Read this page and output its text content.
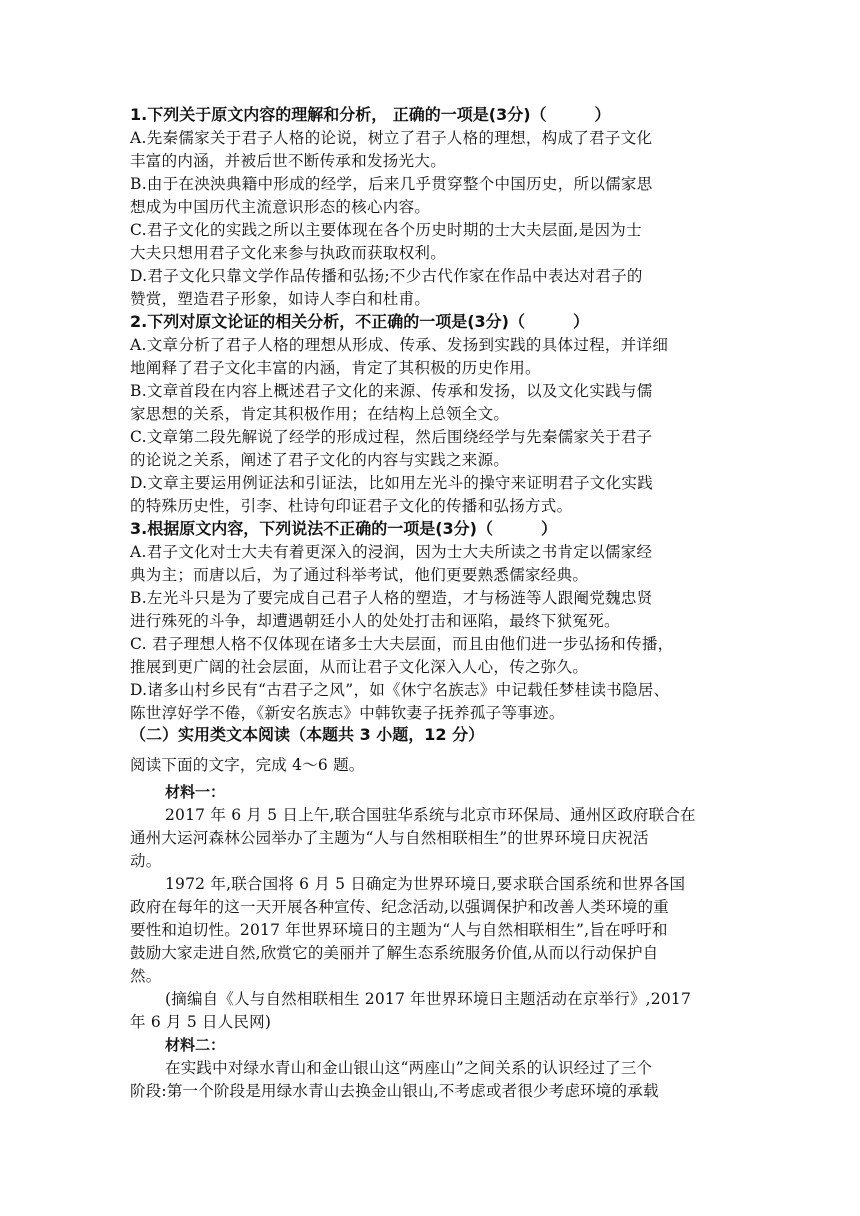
1.下列关于原文内容的理解和分析， 正确的一项是(3分)（　　　）
A.先秦儒家关于君子人格的论说，树立了君子人格的理想，构成了君子文化
丰富的内涵，并被后世不断传承和发扬光大。
B.由于在泱泱典籍中形成的经学，后来几乎贯穿整个中国历史，所以儒家思
想成为中国历代主流意识形态的核心内容。
C.君子文化的实践之所以主要体现在各个历史时期的士大夫层面,是因为士
大夫只想用君子文化来参与执政而获取权利。
D.君子文化只靠文学作品传播和弘扬;不少古代作家在作品中表达对君子的
赞赏，塑造君子形象，如诗人李白和杜甫。
2.下列对原文论证的相关分析，不正确的一项是(3分)（　　　）
A.文章分析了君子人格的理想从形成、传承、发扬到实践的具体过程，并详细
地阐释了君子文化丰富的内涵，肯定了其积极的历史作用。
B.文章首段在内容上概述君子文化的来源、传承和发扬，以及文化实践与儒
家思想的关系，肯定其积极作用；在结构上总领全文。
C.文章第二段先解说了经学的形成过程，然后围绕经学与先秦儒家关于君子
的论说之关系，阐述了君子文化的内容与实践之来源。
D.文章主要运用例证法和引证法，比如用左光斗的操守来证明君子文化实践
的特殊历史性，引李、杜诗句印证君子文化的传播和弘扬方式。
3.根据原文内容，下列说法不正确的一项是(3分)（　　　）
A.君子文化对士大夫有着更深入的浸润，因为士大夫所读之书肯定以儒家经
典为主；而唐以后，为了通过科举考试，他们更要熟悉儒家经典。
B.左光斗只是为了要完成自己君子人格的塑造，才与杨涟等人跟阉党魏忠贤
进行殊死的斗争，却遭遇朝廷小人的处处打击和诬陷，最终下狱冤死。
C. 君子理想人格不仅体现在诸多士大夫层面，而且由他们进一步弘扬和传播，
推展到更广阔的社会层面，从而让君子文化深入人心，传之弥久。
D.诸多山村乡民有“古君子之风”，如《休宁名族志》中记载任梦桂读书隐居、
陈世淳好学不倦，《新安名族志》中韩钦妻子抚养孤子等事迹。
（二）实用类文本阅读（本题共 3 小题，12 分）
阅读下面的文字，完成 4～6 题。
材料一：
2017 年 6 月 5 日上午,联合国驻华系统与北京市环保局、通州区政府联合在
通州大运河森林公园举办了主题为“人与自然相联相生”的世界环境日庆祝活
动。
1972 年,联合国将 6 月 5 日确定为世界环境日,要求联合国系统和世界各国
政府在每年的这一天开展各种宣传、纪念活动,以强调保护和改善人类环境的重
要性和迫切性。2017 年世界环境日的主题为“人与自然相联相生”,旨在呼吁和
鼓励大家走进自然,欣赏它的美丽并了解生态系统服务价值,从而以行动保护自
然。
(摘编自《人与自然相联相生 2017 年世界环境日主题活动在京举行》,2017
年 6 月 5 日人民网)
材料二：
在实践中对绿水青山和金山银山这“两座山”之间关系的认识经过了三个
阶段:第一个阶段是用绿水青山去换金山银山,不考虑或者很少考虑环境的承载
